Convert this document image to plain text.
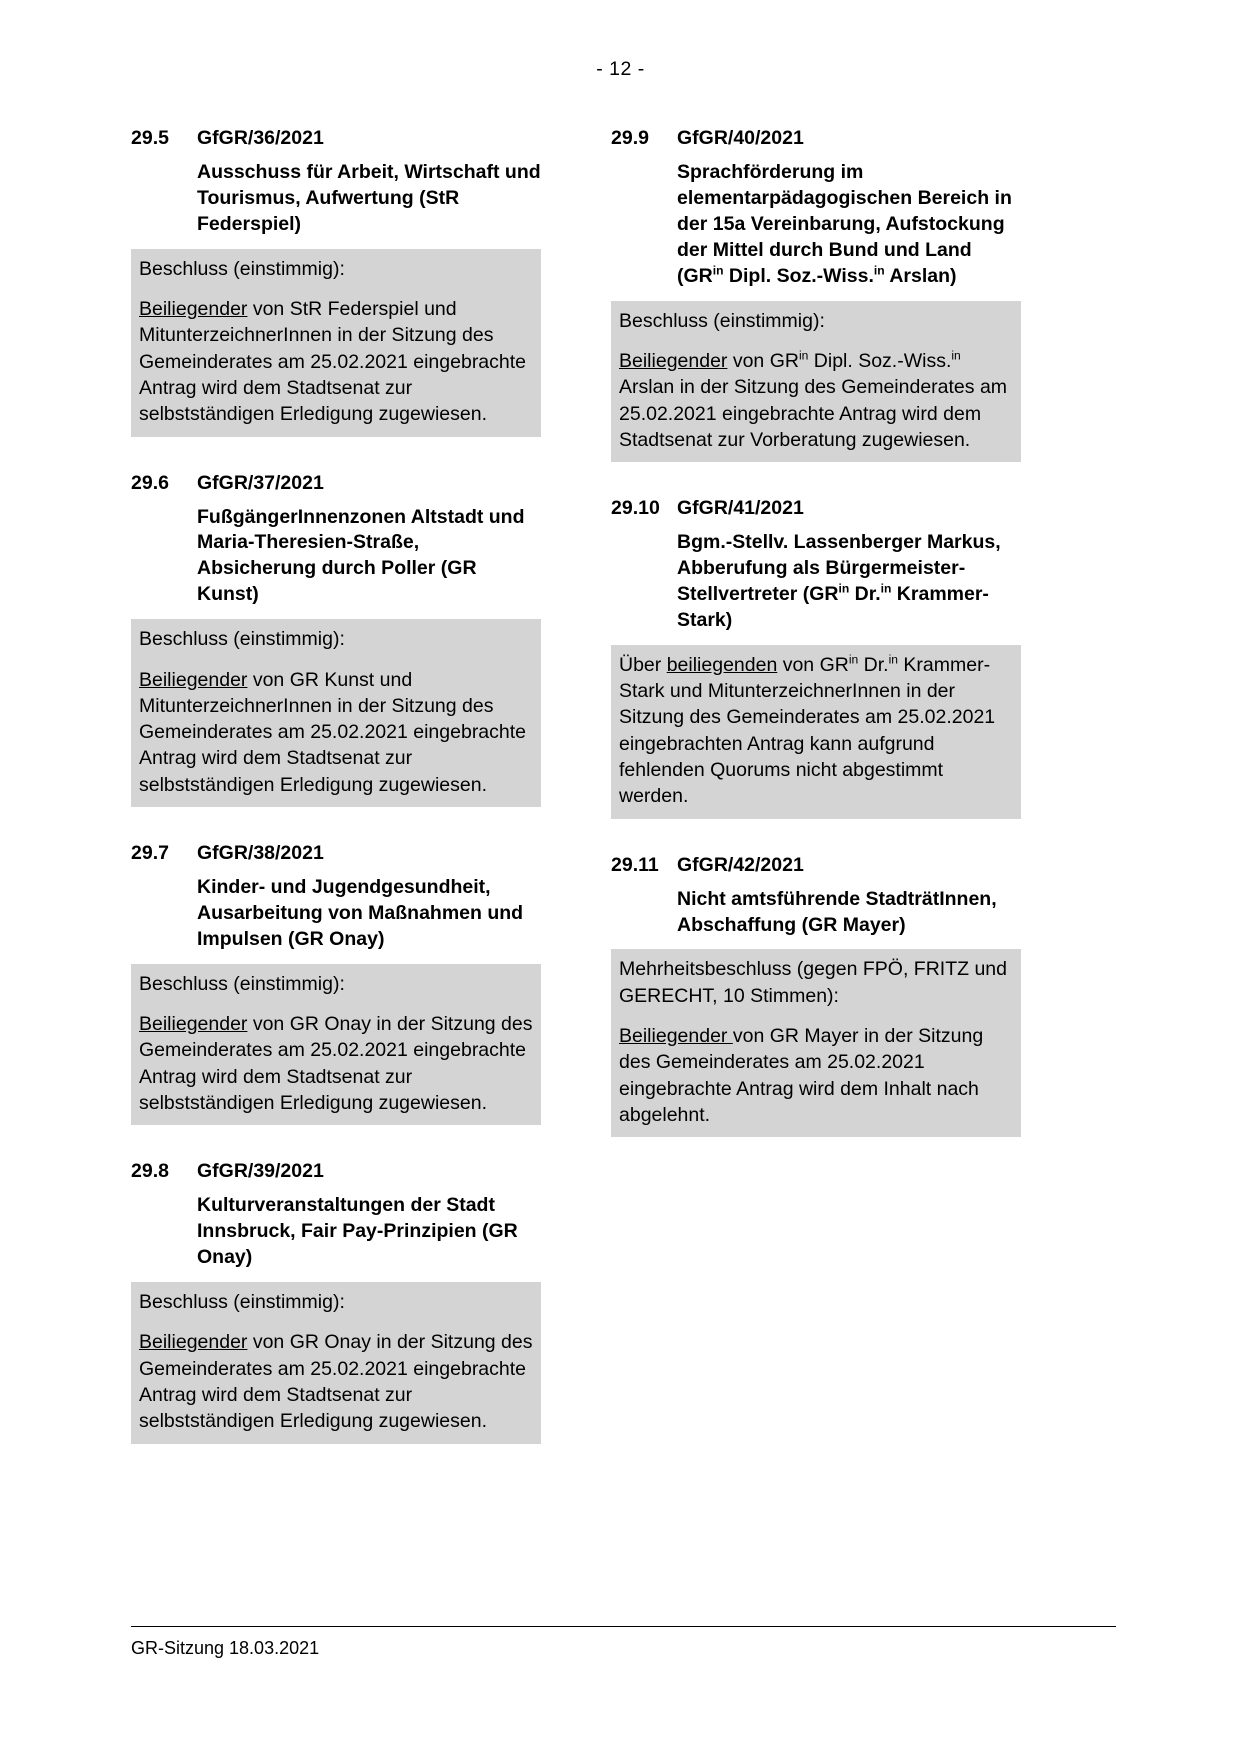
- 12 -
29.5	GfGR/36/2021
Ausschuss für Arbeit, Wirtschaft und Tourismus, Aufwertung (StR Federspiel)

Beschluss (einstimmig):

Beiliegender von StR Federspiel und MitunterzeichnerInnen in der Sitzung des Gemeinderates am 25.02.2021 eingebrachte Antrag wird dem Stadtsenat zur selbstständigen Erledigung zugewiesen.

29.6	GfGR/37/2021
FußgängerInnenzonen Altstadt und Maria-Theresien-Straße, Absicherung durch Poller (GR Kunst)

Beschluss (einstimmig):

Beiliegender von GR Kunst und MitunterzeichnerInnen in der Sitzung des Gemeinderates am 25.02.2021 eingebrachte Antrag wird dem Stadtsenat zur selbstständigen Erledigung zugewiesen.

29.7	GfGR/38/2021
Kinder- und Jugendgesundheit, Ausarbeitung von Maßnahmen und Impulsen (GR Onay)

Beschluss (einstimmig):

Beiliegender von GR Onay in der Sitzung des Gemeinderates am 25.02.2021 eingebrachte Antrag wird dem Stadtsenat zur selbstständigen Erledigung zugewiesen.

29.8	GfGR/39/2021
Kulturveranstaltungen der Stadt Innsbruck, Fair Pay-Prinzipien (GR Onay)

Beschluss (einstimmig):

Beiliegender von GR Onay in der Sitzung des Gemeinderates am 25.02.2021 eingebrachte Antrag wird dem Stadtsenat zur selbstständigen Erledigung zugewiesen.

29.9	GfGR/40/2021
Sprachförderung im elementarpädagogischen Bereich in der 15a Vereinbarung, Aufstockung der Mittel durch Bund und Land ($GR^{in}$ Dipl. Soz.-Wiss.$^{in}$ Arslan)

Beschluss (einstimmig):

Beiliegender von $GR^{in}$ Dipl. Soz.-Wiss.$^{in}$ Arslan in der Sitzung des Gemeinderates am 25.02.2021 eingebrachte Antrag wird dem Stadtsenat zur Vorberatung zugewiesen.

29.10 GfGR/41/2021
Bgm.-Stellv. Lassenberger Markus, Abberufung als Bürgermeister-Stellvertreter ($GR^{in}$ Dr.$^{in}$ Krammer-Stark)

Über beiliegenden von $GR^{in}$ Dr.$^{in}$ Krammer-Stark und MitunterzeichnerInnen in der Sitzung des Gemeinderates am 25.02.2021 eingebrachten Antrag kann aufgrund fehlenden Quorums nicht abgestimmt werden.

29.11 GfGR/42/2021
Nicht amtsführende StadträtInnen, Abschaffung (GR Mayer)

Mehrheitsbeschluss (gegen FPÖ, FRITZ und GERECHT, 10 Stimmen):

Beiliegender von GR Mayer in der Sitzung des Gemeinderates am 25.02.2021 eingebrachte Antrag wird dem Inhalt nach abgelehnt.

GR-Sitzung 18.03.2021
